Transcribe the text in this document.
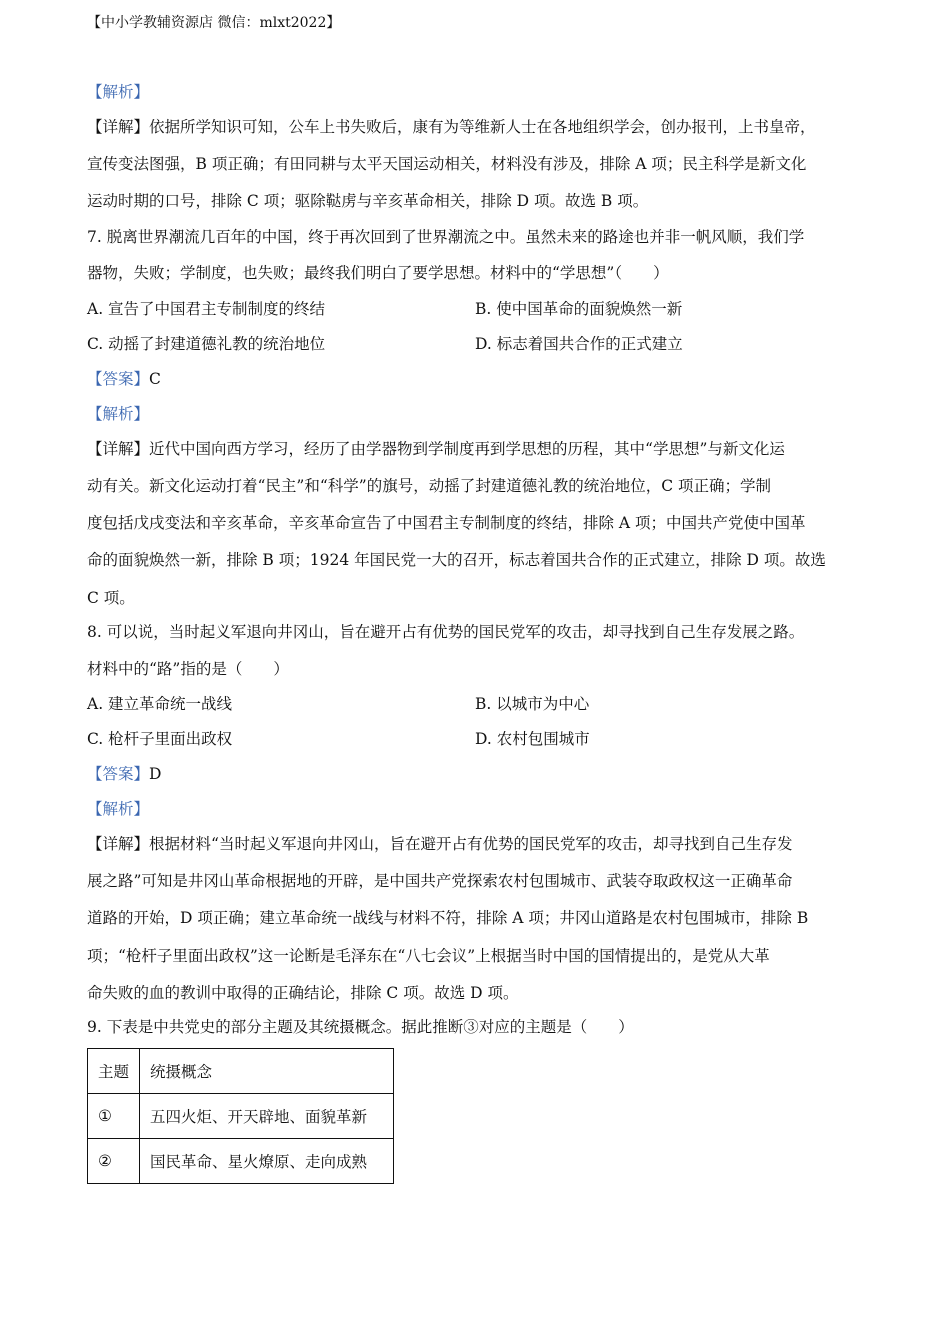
【中小学教辅资源店 微信：mlxt2022】
【解析】
【详解】依据所学知识可知，公车上书失败后，康有为等维新人士在各地组织学会，创办报刊，上书皇帝，
宣传变法图强，B 项正确；有田同耕与太平天国运动相关，材料没有涉及，排除 A 项；民主科学是新文化
运动时期的口号，排除 C 项；驱除鞑虏与辛亥革命相关，排除 D 项。故选 B 项。
7. 脱离世界潮流几百年的中国，终于再次回到了世界潮流之中。虽然未来的路途也并非一帆风顺，我们学
器物，失败；学制度，也失败；最终我们明白了要学思想。材料中的“学思想”（　　）
A. 宣告了中国君主专制制度的终结	B. 使中国革命的面貌焕然一新
C. 动摇了封建道德礼教的统治地位	D. 标志着国共合作的正式建立
【答案】C
【解析】
【详解】近代中国向西方学习，经历了由学器物到学制度再到学思想的历程，其中“学思想”与新文化运
动有关。新文化运动打着“民主”和“科学”的旗号，动摇了封建道德礼教的统治地位，C 项正确；学制
度包括戊戌变法和辛亥革命，辛亥革命宣告了中国君主专制制度的终结，排除 A 项；中国共产党使中国革
命的面貌焕然一新，排除 B 项；1924 年国民党一大的召开，标志着国共合作的正式建立，排除 D 项。故选
C 项。
8. 可以说，当时起义军退向井冈山，旨在避开占有优势的国民党军的攻击，却寻找到自己生存发展之路。
材料中的“路”指的是（　　）
A. 建立革命统一战线	B. 以城市为中心
C. 枪杆子里面出政权	D. 农村包围城市
【答案】D
【解析】
【详解】根据材料“当时起义军退向井冈山，旨在避开占有优势的国民党军的攻击，却寻找到自己生存发
展之路”可知是井冈山革命根据地的开辟，是中国共产党探索农村包围城市、武装夺取政权这一正确革命
道路的开始，D 项正确；建立革命统一战线与材料不符，排除 A 项；井冈山道路是农村包围城市，排除 B
项；“枪杆子里面出政权”这一论断是毛泽东在“八七会议”上根据当时中国的国情提出的，是党从大革
命失败的血的教训中取得的正确结论，排除 C 项。故选 D 项。
9. 下表是中共党史的部分主题及其统摄概念。据此推断③对应的主题是（　　）
主题	统摄概念
①	五四火炬、开天辟地、面貌革新
②	国民革命、星火燎原、走向成熟
